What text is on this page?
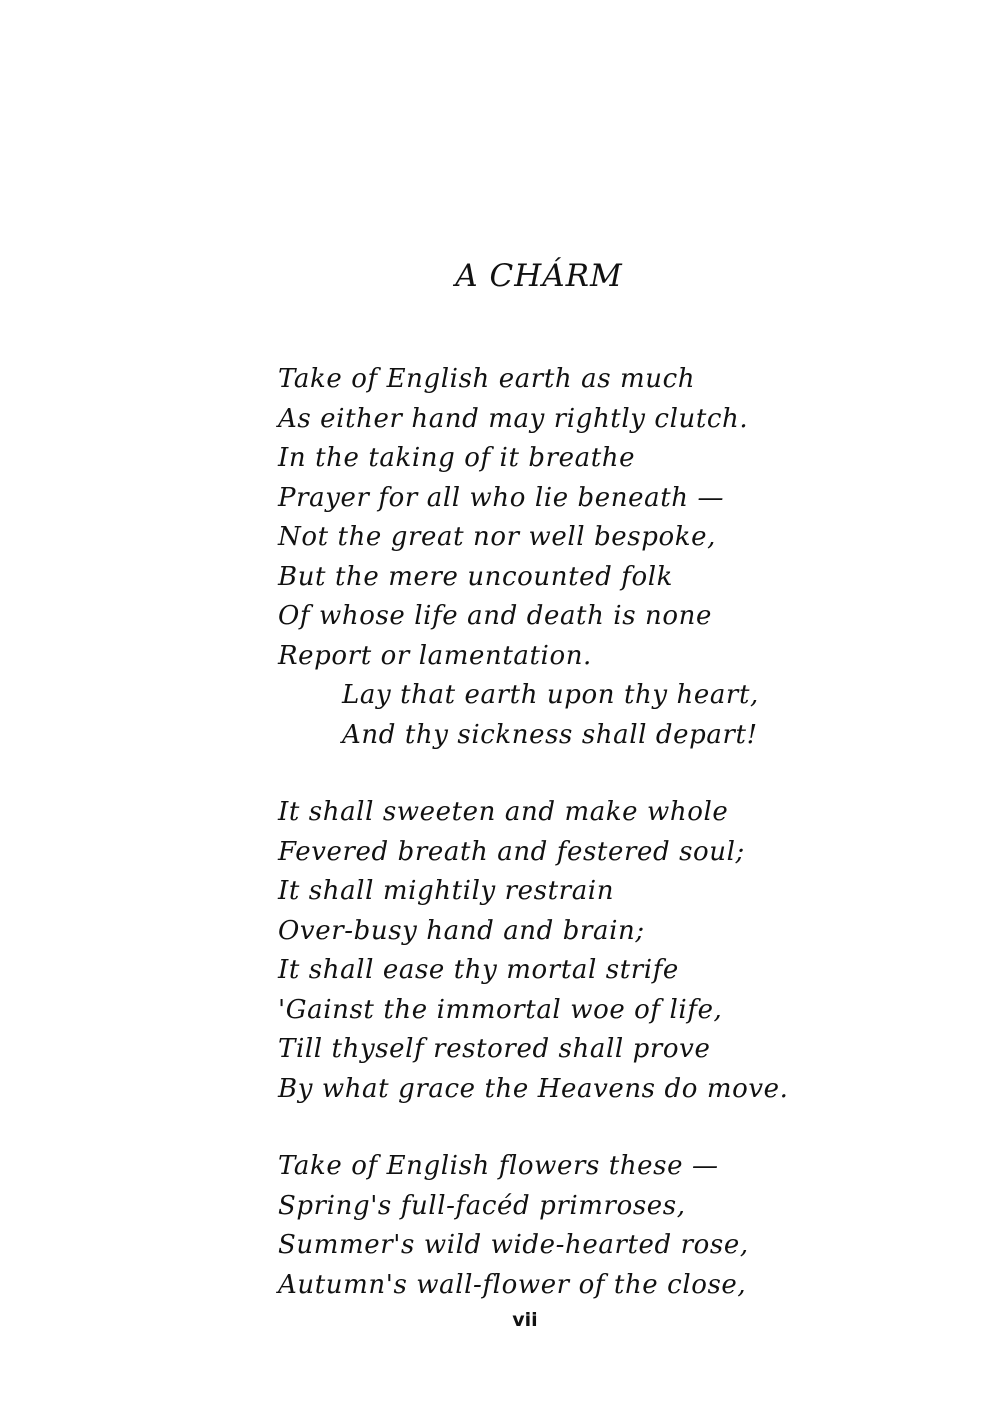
A CHÁRM
Take of English earth as much
As either hand may rightly clutch.
In the taking of it breathe
Prayer for all who lie beneath —
Not the great nor well bespoke,
But the mere uncounted folk
Of whose life and death is none
Report or lamentation.
Lay that earth upon thy heart,
And thy sickness shall depart!
It shall sweeten and make whole
Fevered breath and festered soul;
It shall mightily restrain
Over-busy hand and brain;
It shall ease thy mortal strife
'Gainst the immortal woe of life,
Till thyself restored shall prove
By what grace the Heavens do move.
Take of English flowers these —
Spring's full-facéd primroses,
Summer's wild wide-hearted rose,
Autumn's wall-flower of the close,
vii
